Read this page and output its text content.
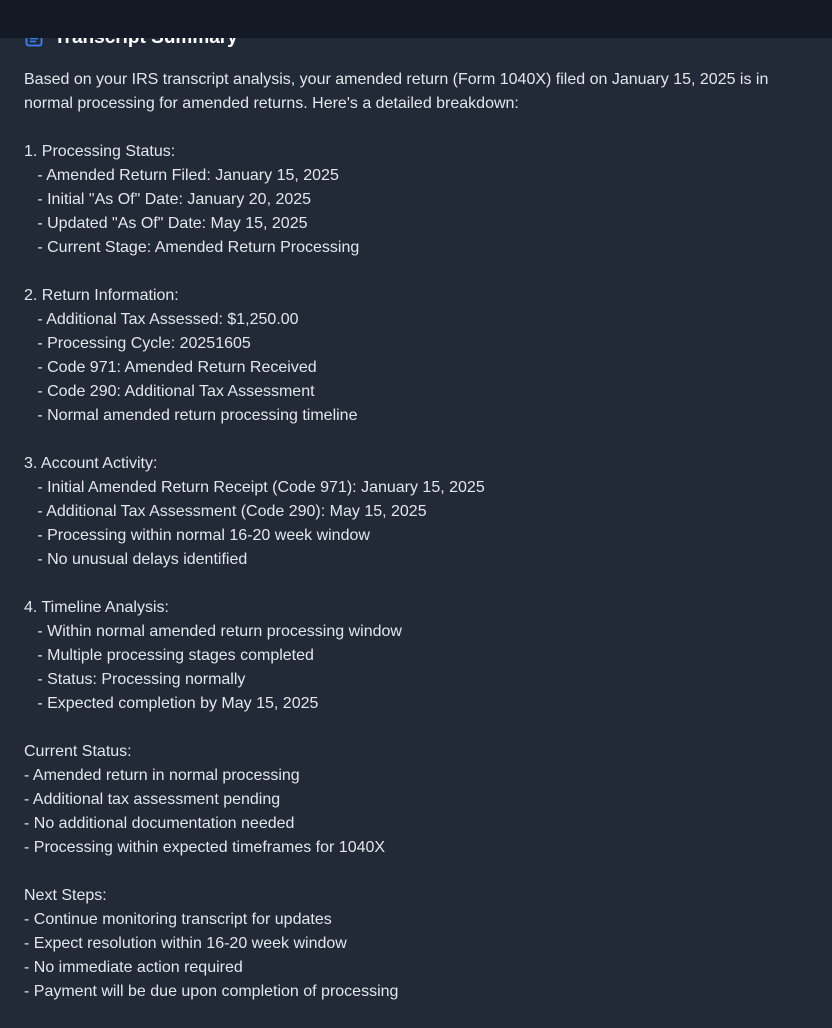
Based on your IRS transcript analysis, your amended return (Form 1040X) filed on January 15, 2025 is in
normal processing for amended returns. Here's a detailed breakdown:
1. Processing Status:
- Amended Return Filed: January 15, 2025
- Initial "As Of" Date: January 20, 2025
- Updated "As Of" Date: May 15, 2025
- Current Stage: Amended Return Processing
2. Return Information:
- Additional Tax Assessed: $1,250.00
- Processing Cycle: 20251605
- Code 971: Amended Return Received
- Code 290: Additional Tax Assessment
- Normal amended return processing timeline
3. Account Activity:
- Initial Amended Return Receipt (Code 971): January 15, 2025
- Additional Tax Assessment (Code 290): May 15, 2025
- Processing within normal 16-20 week window
- No unusual delays identified
4. Timeline Analysis:
- Within normal amended return processing window
- Multiple processing stages completed
- Status: Processing normally
- Expected completion by May 15, 2025
Current Status:
- Amended return in normal processing
- Additional tax assessment pending
- No additional documentation needed
- Processing within expected timeframes for 1040X
Next Steps:
- Continue monitoring transcript for updates
- Expect resolution within 16-20 week window
- No immediate action required
- Payment will be due upon completion of processing
